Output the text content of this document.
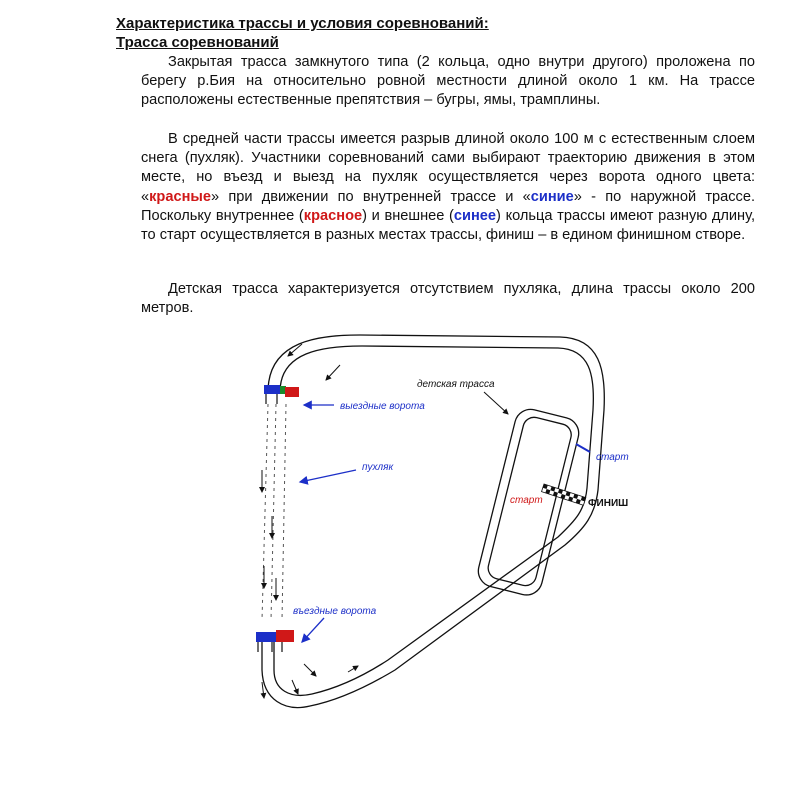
Характеристика трассы и условия соревнований:
Трасса соревнований

Закрытая трасса замкнутого типа (2 кольца, одно внутри другого) проложена по берегу р.Бия на относительно ровной местности длиной около 1 км. На трассе расположены естественные препятствия – бугры, ямы, трамплины.

В средней части трассы имеется разрыв длиной около 100 м с естественным слоем снега (пухляк). Участники соревнований сами выбирают траекторию движения в этом месте, но въезд и выезд на пухляк осуществляется через ворота одного цвета: «красные» при движении по внутренней трассе и «синие» - по наружной трассе. Поскольку внутреннее (красное) и внешнее (синее) кольца трассы имеют разную длину, то старт осуществляется в разных местах трассы, финиш – в едином финишном створе.

Детская трасса характеризуется отсутствием пухляка, длина трассы около 200 метров.

детская трасса
выездные ворота
пухляк
въездные ворота
старт
старт	ФИНИШ
